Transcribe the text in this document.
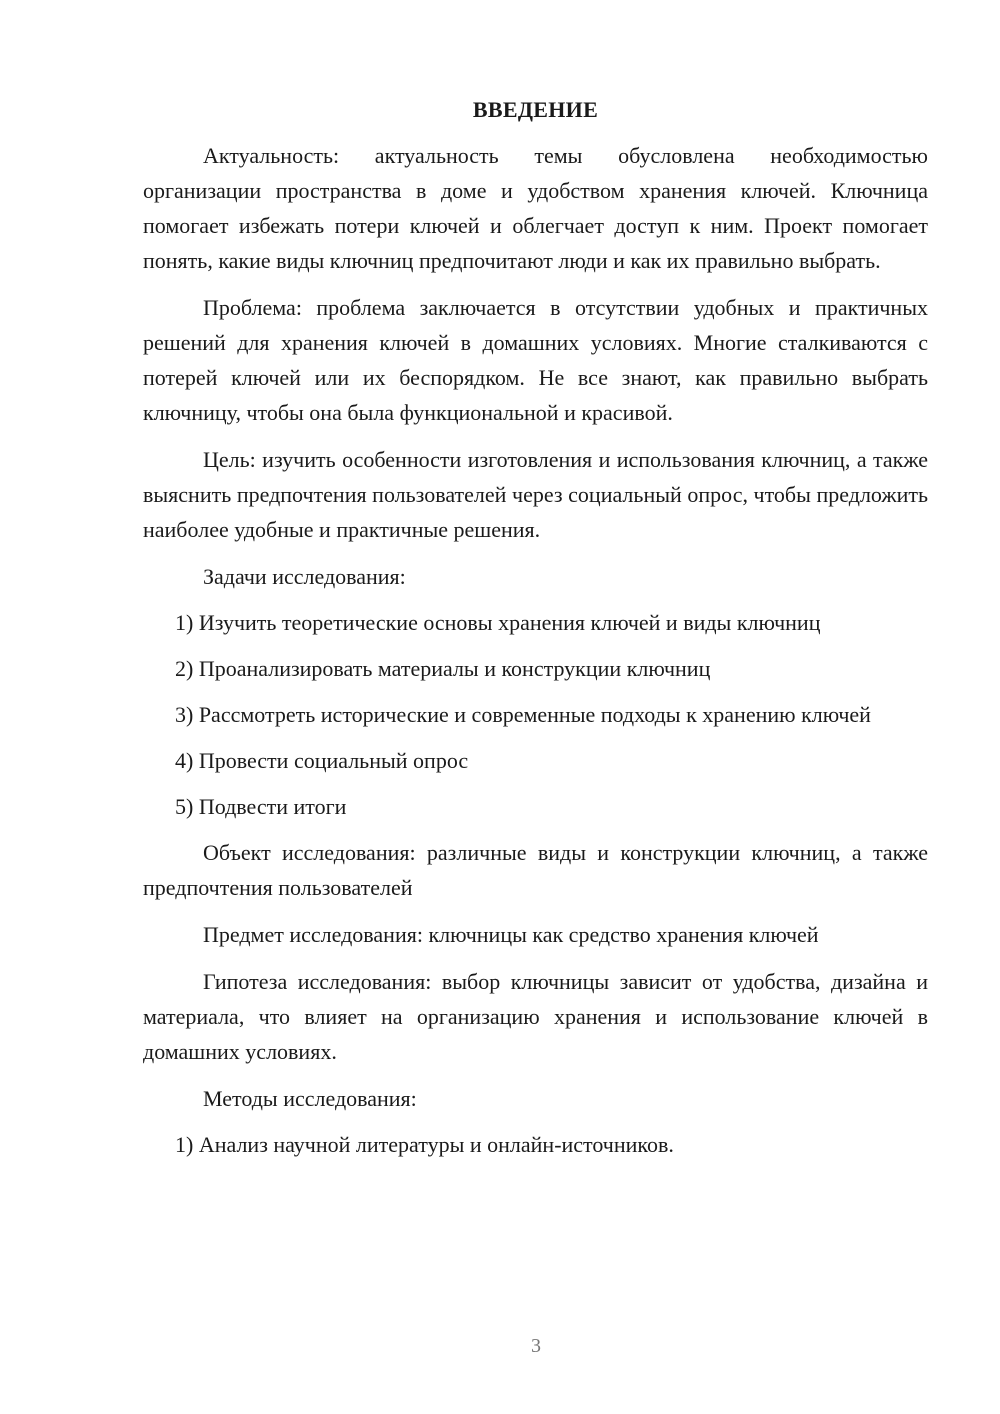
ВВЕДЕНИЕ

Актуальность: актуальность темы обусловлена необходимостью организации пространства в доме и удобством хранения ключей. Ключница помогает избежать потери ключей и облегчает доступ к ним. Проект помогает понять, какие виды ключниц предпочитают люди и как их правильно выбрать.

Проблема: проблема заключается в отсутствии удобных и практичных решений для хранения ключей в домашних условиях. Многие сталкиваются с потерей ключей или их беспорядком. Не все знают, как правильно выбрать ключницу, чтобы она была функциональной и красивой.

Цель: изучить особенности изготовления и использования ключниц, а также выяснить предпочтения пользователей через социальный опрос, чтобы предложить наиболее удобные и практичные решения.

Задачи исследования:

1) Изучить теоретические основы хранения ключей и виды ключниц

2) Проанализировать материалы и конструкции ключниц

3) Рассмотреть исторические и современные подходы к хранению ключей

4) Провести социальный опрос

5) Подвести итоги

Объект исследования: различные виды и конструкции ключниц, а также предпочтения пользователей

Предмет исследования: ключницы как средство хранения ключей

Гипотеза исследования: выбор ключницы зависит от удобства, дизайна и материала, что влияет на организацию хранения и использование ключей в домашних условиях.

Методы исследования:

1) Анализ научной литературы и онлайн-источников.

3
